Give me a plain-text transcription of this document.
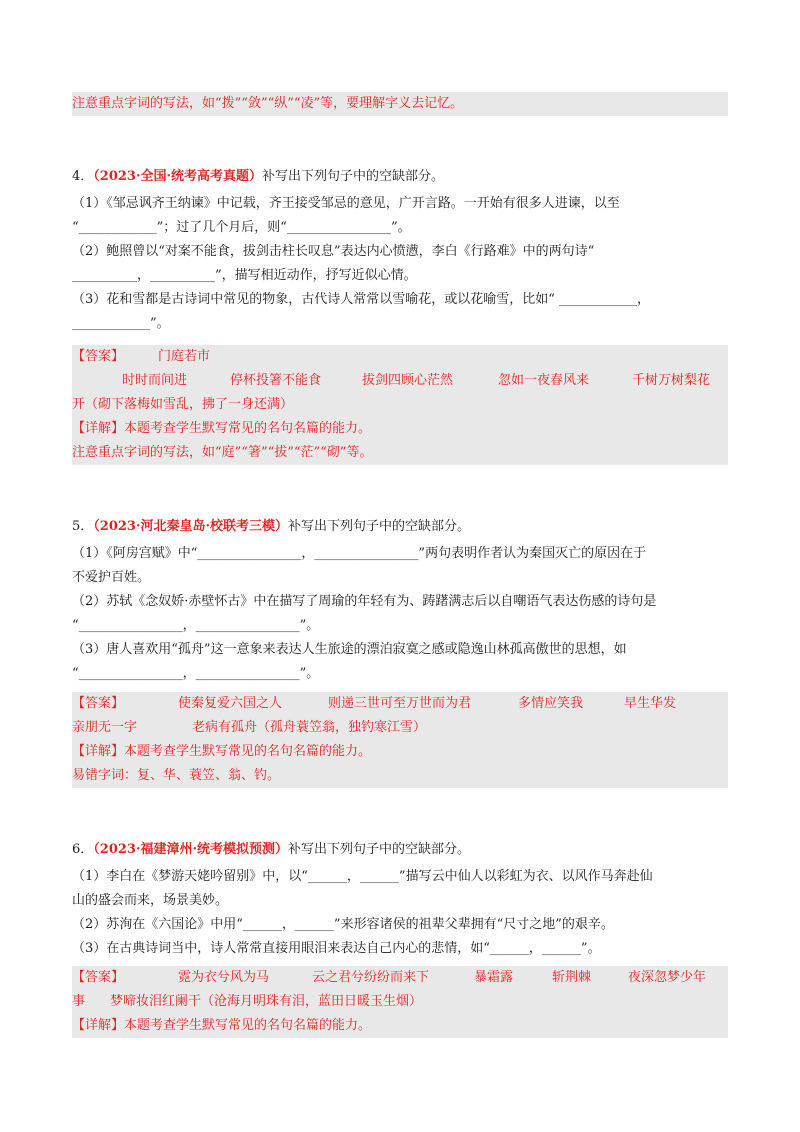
注意重点字词的写法，如“拨”“敛”“纵”“凌”等，要理解字义去记忆。
4．（2023·全国·统考高考真题）补写出下列句子中的空缺部分。
（1）《邹忌讽齐王纳谏》中记载，齐王接受邹忌的意见，广开言路。一开始有很多人进谏，以至
“____________”；过了几个月后，则“________________”。
（2）鲍照曾以“对案不能食，拔剑击柱长叹息”表达内心愤懑，李白《行路难》中的两句诗“
__________，__________”，描写相近动作，抒写近似心情。
（3）花和雪都是古诗词中常见的物象，古代诗人常常以雪喻花，或以花喻雪，比如“ ____________，
____________”。
【答案】	门庭若市
时时而间进	停杯投箸不能食	拔剑四顾心茫然	忽如一夜春风来	千树万树梨花
开（砌下落梅如雪乱，拂了一身还满）
【详解】本题考查学生默写常见的名句名篇的能力。
注意重点字词的写法，如“庭”“箸”“拔”“茫”“砌”等。
5．（2023·河北秦皇岛·校联考三模）补写出下列句子中的空缺部分。
（1）《阿房宫赋》中“________________，________________”两句表明作者认为秦国灭亡的原因在于
不爱护百姓。
（2）苏轼《念奴娇·赤壁怀古》中在描写了周瑜的年轻有为、踌躇满志后以自嘲语气表达伤感的诗句是
“________________，________________”。
（3）唐人喜欢用“孤舟”这一意象来表达人生旅途的漂泊寂寞之感或隐逸山林孤高傲世的思想，如
“________________，________________”。
【答案】	使秦复爱六国之人	则递三世可至万世而为君	多情应笑我	早生华发
亲朋无一字	老病有孤舟（孤舟蓑笠翁，独钓寒江雪）
【详解】本题考查学生默写常见的名句名篇的能力。
易错字词：复、华、蓑笠、翁、钓。
6．（2023·福建漳州·统考模拟预测）补写出下列句子中的空缺部分。
（1）李白在《梦游天姥吟留别》中，以“______，______”描写云中仙人以彩虹为衣、以风作马奔赴仙
山的盛会而来，场景美妙。
（2）苏洵在《六国论》中用“______，______”来形容诸侯的祖辈父辈拥有“尺寸之地”的艰辛。
（3）在古典诗词当中，诗人常常直接用眼泪来表达自己内心的悲情，如“______，______”。
【答案】	霓为衣兮风为马	云之君兮纷纷而来下	暴霜露	斩荆棘	夜深忽梦少年
事 梦啼妆泪红阑干（沧海月明珠有泪，蓝田日暖玉生烟）
【详解】本题考查学生默写常见的名句名篇的能力。
